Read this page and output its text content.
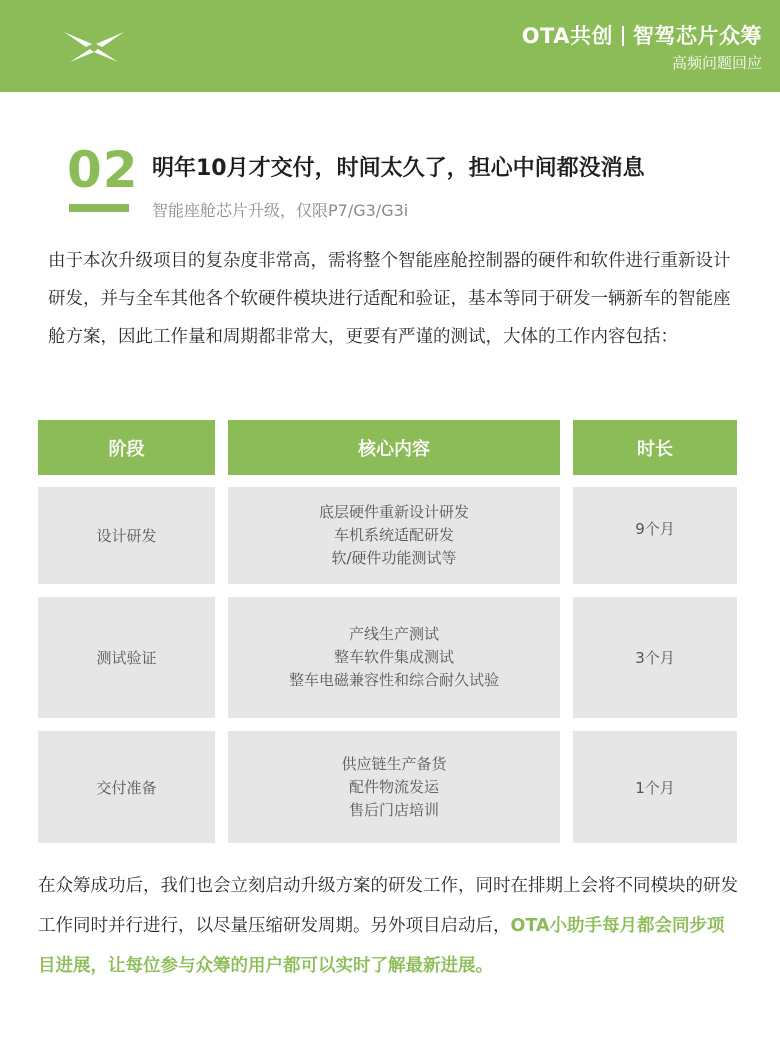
OTA共创 智驾芯片众筹
高频问题回应
02 明年10月才交付，时间太久了，担心中间都没消息
智能座舱芯片升级，仅限P7/G3/G3i
由于本次升级项目的复杂度非常高，需将整个智能座舱控制器的硬件和软件进行重新设计研发，并与全车其他各个软硬件模块进行适配和验证，基本等同于研发一辆新车的智能座舱方案，因此工作量和周期都非常大，更要有严谨的测试，大体的工作内容包括：
阶段	核心内容	时长
设计研发
底层硬件重新设计研发
车机系统适配研发
软/硬件功能测试等
9个月
测试验证
产线生产测试
整车软件集成测试
整车电磁兼容性和综合耐久试验
3个月
交付准备
供应链生产备货
配件物流发运
售后门店培训
1个月
在众筹成功后，我们也会立刻启动升级方案的研发工作，同时在排期上会将不同模块的研发工作同时并行进行，以尽量压缩研发周期。另外项目启动后，OTA小助手每月都会同步项目进展，让每位参与众筹的用户都可以实时了解最新进展。
